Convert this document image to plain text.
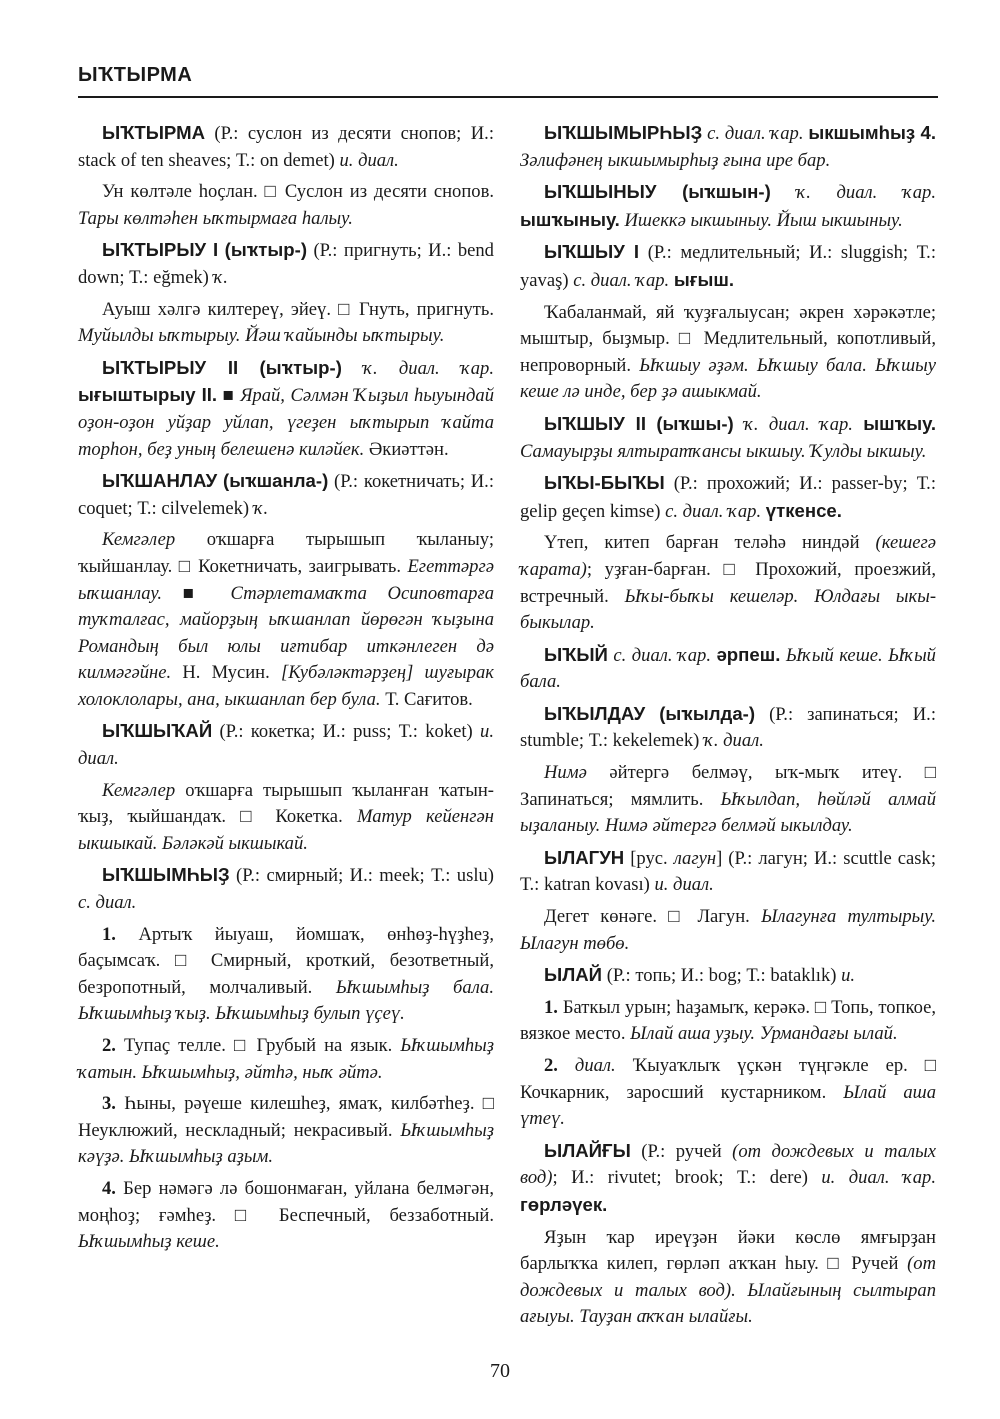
ЫҠТЫРМА

ЫҠТЫРМА (Р.: суслон из десяти снопов; И.: stack of ten sheaves; Т.: on demet) и. диал.

Ун көлтәле һоҫлан. □ Суслон из десяти снопов. Тары көлтәһен ыҡтырмаға һалыу.

ЫҠТЫРЫУ I (ыҡтыр-) (Р.: пригнуть; И.: bend down; Т.: eğmek) ҡ.

Ауыш хәлгә килтереү, эйеү. □ Гнуть, пригнуть. Муйылды ыҡтырыу. Йәш ҡайынды ыҡтырыу.

ЫҠТЫРЫУ II (ыҡтыр-) ҡ. диал. ҡар. ығыштырыу II. ■ Ярай, Сәлмән Ҡыҙыл һыуындай оҙон-оҙон уйҙар уйлап, үгеҙен ыҡтырып ҡайта торһон, беҙ уның белешенә киләйек. Әкиәттән.

ЫҠШАНЛАУ (ыҡшанла-) (Р.: кокетничать; И.: coquet; Т.: cilvelemek) ҡ.

Кемгәлер оҡшарға тырышып ҡыланыу; ҡыйшанлау. □ Кокетничать, заигрывать. Егеттәргә ыҡшанлау. ■ Стәрлетамаҡта Осиповтарға туҡталғас, майорҙың ыҡшанлап йөрөгән ҡыҙына Романдың был юлы иғтибар иткәнлеген дә килмәгәйне. Н. Мусин. [Кубәләктәрҙең] шуғырак холоклолары, ана, ыкшанлап бер була. Т. Сағитов.

ЫҠШЫҠАЙ (Р.: кокетка; И.: puss; Т.: koket) и. диал.

Кемгәлер оҡшарға тырышып ҡыланған ҡатын-ҡыҙ, ҡыйшандаҡ. □ Кокетка. Матур кейенгән ыкшыкай. Бәләкәй ыкшыкай.

ЫҠШЫМҺЫҘ (Р.: смирный; И.: meek; Т.: uslu) с. диал.

1. Артыҡ йыуаш, йомшаҡ, өнһөҙ-һүҙһеҙ, баҫымсаҡ. □ Смирный, кроткий, безответный, безропотный, молчаливый. Ыҡшымһыҙ бала. Ыҡшымһыҙ ҡыҙ. Ыҡшымһыҙ булып үҫеү.

2. Тупаҫ телле. □ Грубый на язык. Ыҡшымһыҙ ҡатын. Ыҡшымһыҙ, әйтһә, ныҡ әйтә.

3. Һыны, рәүеше килешһеҙ, ямаҡ, килбәтһеҙ. □ Неуклюжий, нескладный; некрасивый. Ыҡшымһыҙ кәүҙә. Ыҡшымһыҙ аҙым.

4. Бер нәмәгә лә бошонмаған, уйлана белмәгән, моңһоҙ; ғәмһеҙ. □ Беспечный, беззаботный. Ыҡшымһыҙ кеше.

ЫҠШЫМЫРҺЫҘ с. диал. ҡар. ыкшымһыҙ 4. Зәлифәнең ыкшымырһыҙ ғына ире бар.

ЫҠШЫНЫУ (ыҡшын-) ҡ. диал. ҡар. ышҡыныу. Ишеккә ыкшыныу. Йыш ыкшыныу.

ЫҠШЫУ I (Р.: медлительный; И.: sluggish; Т.: yavaş) с. диал. ҡар. ығыш.

Ҡабаланмай, яй ҡуҙғалыусан; әкрен хәрәкәтле; мыштыр, быҙмыр. □ Медлительный, копотливый, непроворный. Ыҡшыу әҙәм. Ыҡшыу бала. Ыҡшыу кеше лә инде, бер ҙә ашыкмай.

ЫҠШЫУ II (ыҡшы-) ҡ. диал. ҡар. ышҡыу. Самауырҙы ялтыратҡансы ыкшыу. Ҡулды ыкшыу.

ЫҠЫ-БЫҠЫ (Р.: прохожий; И.: passer-by; Т.: gelip geçen kimse) с. диал. ҡар. үткенсе.

Үтеп, китеп барған теләһә ниндәй (кешегә ҡарата); уҙған-барған. □ Прохожий, проезжий, встречный. Ыҡы-быҡы кешеләр. Юлдағы ыкы-быкылар.

ЫҠЫЙ с. диал. ҡар. әрпеш. Ыҡый кеше. Ыҡый бала.

ЫҠЫЛДАУ (ыҡылда-) (Р.: запинаться; И.: stumble; Т.: kekelemek) ҡ. диал.

Нимә әйтергә белмәү, ыҡ-мыҡ итеү. □ Запинаться; мямлить. Ыҡылдап, һөйләй алмай ыҙаланыу. Нимә әйтергә белмәй ыкылдау.

ЫЛАГУН [рус. лагун] (Р.: лагун; И.: scuttle cask; Т.: katran kovası) и. диал.

Дегет көнәге. □ Лагун. Ылагунға тултырыу. Ылагун төбө.

ЫЛАЙ (Р.: топь; И.: bog; Т.: bataklık) и.

1. Баткыл урын; һаҙамыҡ, керәкә. □ Топь, топкое, вязкое место. Ылай аша уҙыу. Урмандағы ылай.

2. диал. Ҡыуаҡлыҡ үҫкән түңгәкле ер. □ Кочкарник, заросший кустарником. Ылай аша үтеү.

ЫЛАЙҒЫ (Р.: ручей (от дождевых и талых вод); И.: rivutet; brook; Т.: dere) и. диал. ҡар. гөрләүек.

Яҙын ҡар иреүҙән йәки көслө ямғырҙан барлыҡҡа килеп, гөрләп аҡҡан һыу. □ Ручей (от дождевых и талых вод). Ылайғының сылтырап ағыуы. Тауҙан аҡҡан ылайғы.

70
